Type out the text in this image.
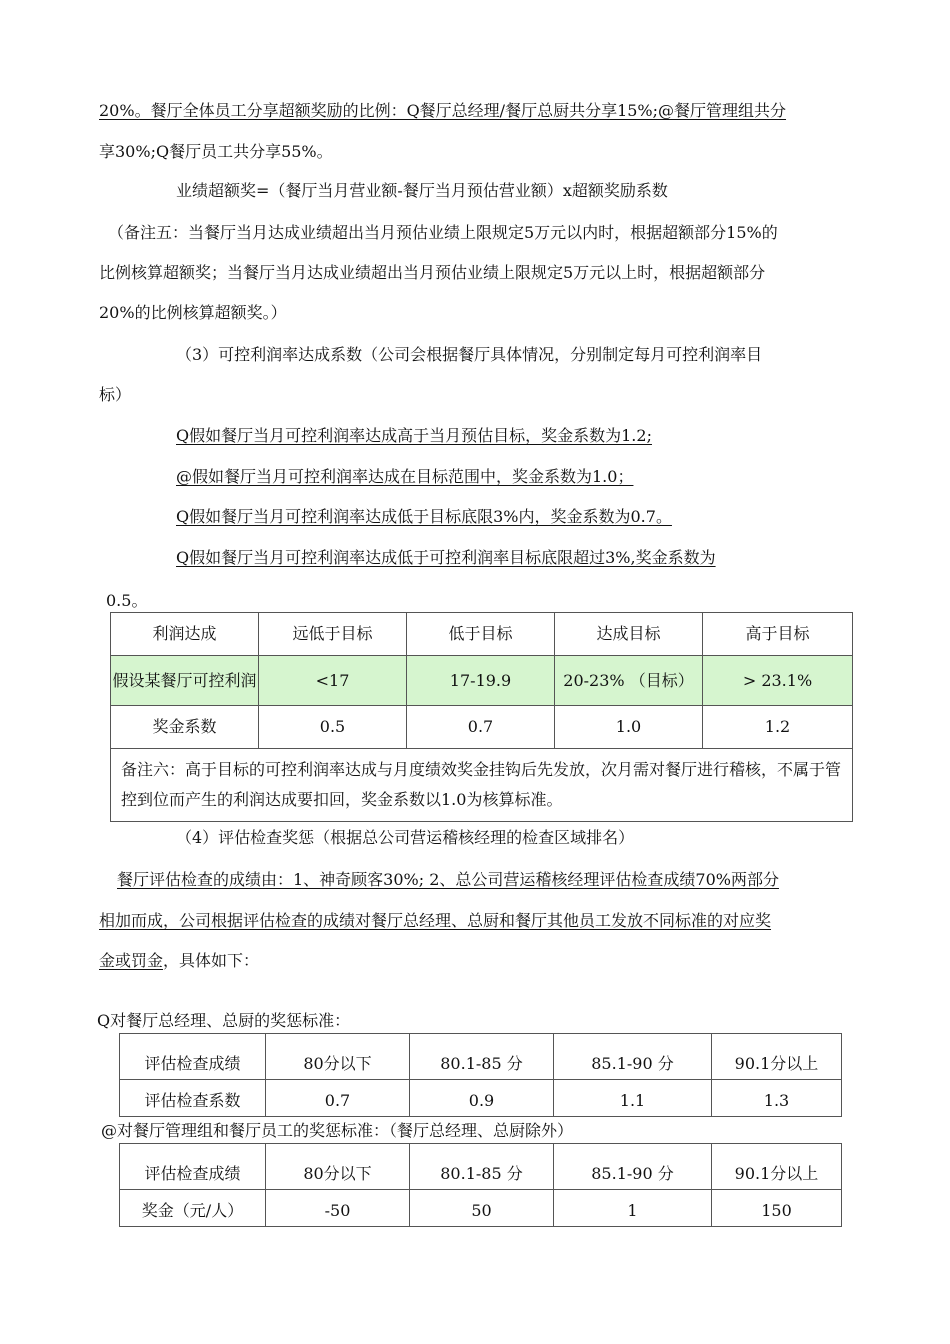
20%。餐厅全体员工分享超额奖励的比例：Q餐厅总经理/餐厅总厨共分享15%;@餐厅管理组共分
享30%;Q餐厅员工共分享55%。
业绩超额奖=（餐厅当月营业额-餐厅当月预估营业额）x超额奖励系数
（备注五：当餐厅当月达成业绩超出当月预估业绩上限规定5万元以内时，根据超额部分15%的
比例核算超额奖；当餐厅当月达成业绩超出当月预估业绩上限规定5万元以上时，根据超额部分
20%的比例核算超额奖。）
（3）可控利润率达成系数（公司会根据餐厅具体情况，分别制定每月可控利润率目
标）
Q假如餐厅当月可控利润率达成高于当月预估目标，奖金系数为1.2;
@假如餐厅当月可控利润率达成在目标范围中，奖金系数为1.0；
Q假如餐厅当月可控利润率达成低于目标底限3%内，奖金系数为0.7。
Q假如餐厅当月可控利润率达成低于可控利润率目标底限超过3%,奖金系数为
0.5。
利润达成	远低于目标	低于目标	达成目标	高于目标
假设某餐厅可控利润	<17	17-19.9	20-23% （目标）	> 23.1%
奖金系数	0.5	0.7	1.0	1.2
备注六：高于目标的可控利润率达成与月度绩效奖金挂钩后先发放，次月需对餐厅进行稽核，不属于管控到位而产生的利润达成要扣回，奖金系数以1.0为核算标准。				
（4）评估检查奖惩（根据总公司营运稽核经理的检查区域排名）
餐厅评估检查的成绩由：1、神奇顾客30%; 2、总公司营运稽核经理评估检查成绩70%两部分
相加而成，公司根据评估检查的成绩对餐厅总经理、总厨和餐厅其他员工发放不同标准的对应奖
金或罚金，具体如下：
Q对餐厅总经理、总厨的奖惩标准：
评估检查成绩	80分以下	80.1-85 分	85.1-90 分	90.1分以上
评估检查系数	0.7	0.9	1.1	1.3
@对餐厅管理组和餐厅员工的奖惩标准：（餐厅总经理、总厨除外）
评估检查成绩	80分以下	80.1-85 分	85.1-90 分	90.1分以上
奖金（元/人）	-50	50	1	150
